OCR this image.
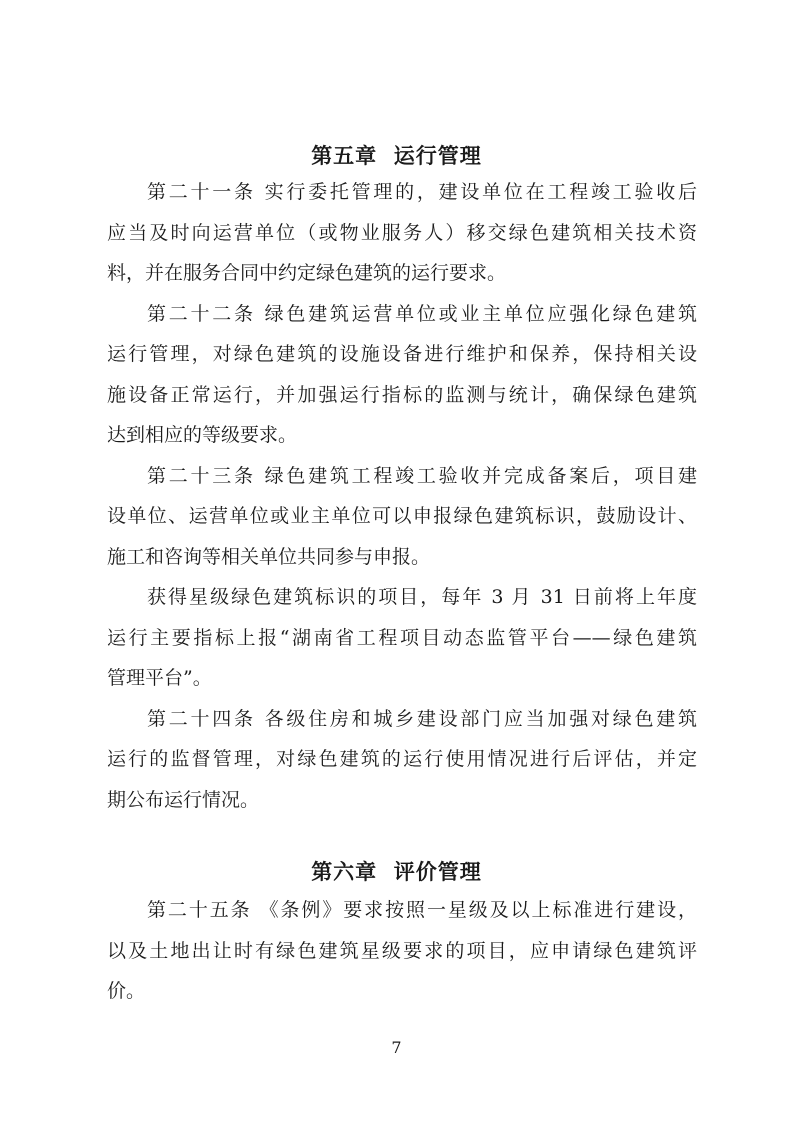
第五章  运行管理
第二十一条 实行委托管理的，建设单位在工程竣工验收后
应当及时向运营单位（或物业服务人）移交绿色建筑相关技术资
料，并在服务合同中约定绿色建筑的运行要求。
第二十二条 绿色建筑运营单位或业主单位应强化绿色建筑
运行管理，对绿色建筑的设施设备进行维护和保养，保持相关设
施设备正常运行，并加强运行指标的监测与统计，确保绿色建筑
达到相应的等级要求。
第二十三条 绿色建筑工程竣工验收并完成备案后，项目建
设单位、运营单位或业主单位可以申报绿色建筑标识，鼓励设计、
施工和咨询等相关单位共同参与申报。
获得星级绿色建筑标识的项目，每年 3 月 31 日前将上年度
运行主要指标上报“湖南省工程项目动态监管平台——绿色建筑
管理平台”。
第二十四条 各级住房和城乡建设部门应当加强对绿色建筑
运行的监督管理，对绿色建筑的运行使用情况进行后评估，并定
期公布运行情况。
第六章  评价管理
第二十五条 《条例》要求按照一星级及以上标准进行建设，
以及土地出让时有绿色建筑星级要求的项目，应申请绿色建筑评
价。
7
